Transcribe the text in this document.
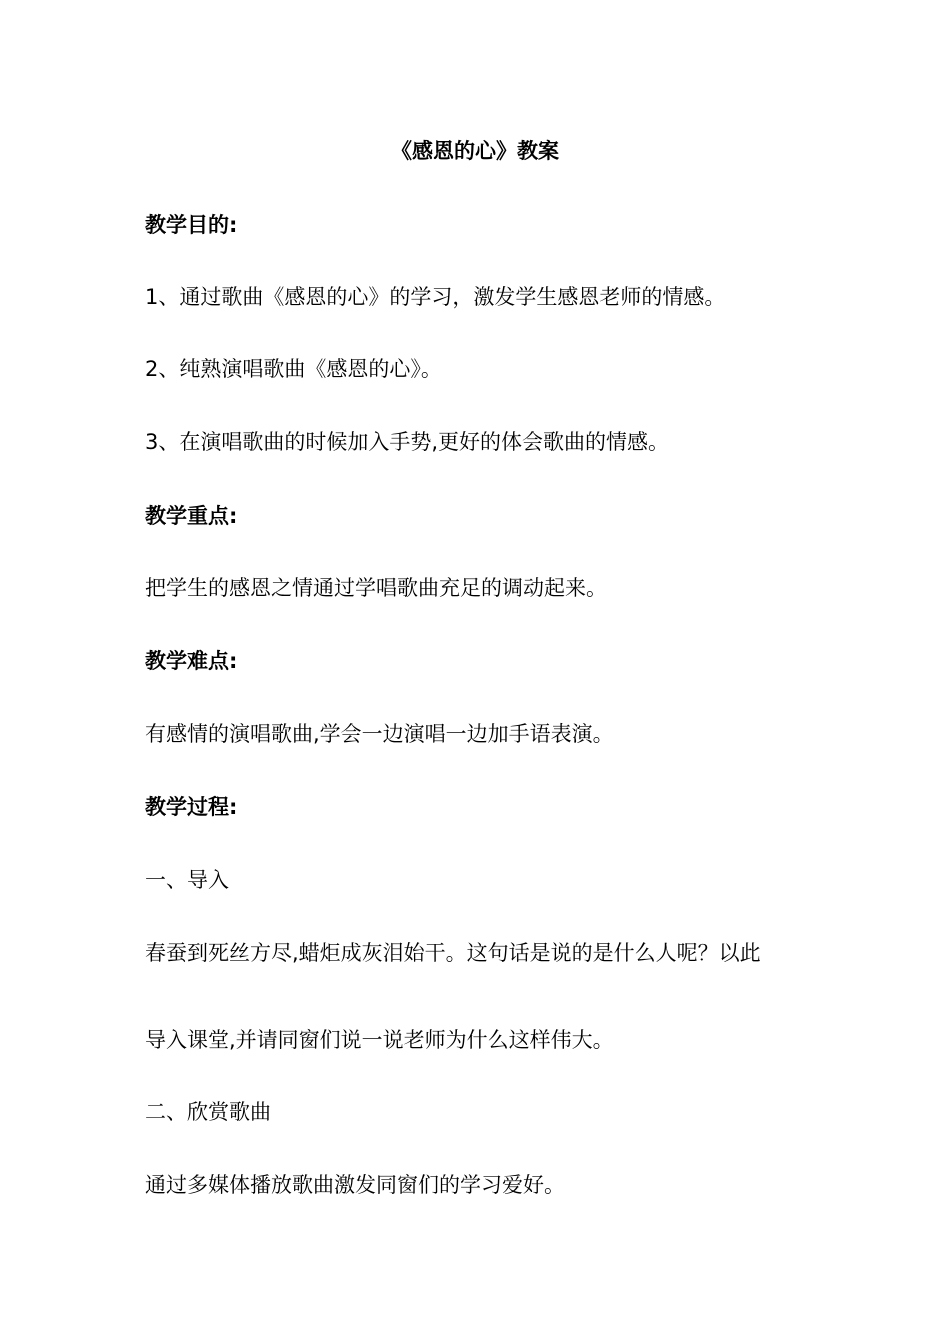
《感恩的心》教案
教学目的:
1、通过歌曲《感恩的心》的学习，激发学生感恩老师的情感。
2、纯熟演唱歌曲《感恩的心》。
3、在演唱歌曲的时候加入手势,更好的体会歌曲的情感。
教学重点:
把学生的感恩之情通过学唱歌曲充足的调动起来。
教学难点:
有感情的演唱歌曲,学会一边演唱一边加手语表演。
教学过程:
一、导入
春蚕到死丝方尽,蜡炬成灰泪始干。这句话是说的是什么人呢？以此
导入课堂,并请同窗们说一说老师为什么这样伟大。
二、欣赏歌曲
通过多媒体播放歌曲激发同窗们的学习爱好。
